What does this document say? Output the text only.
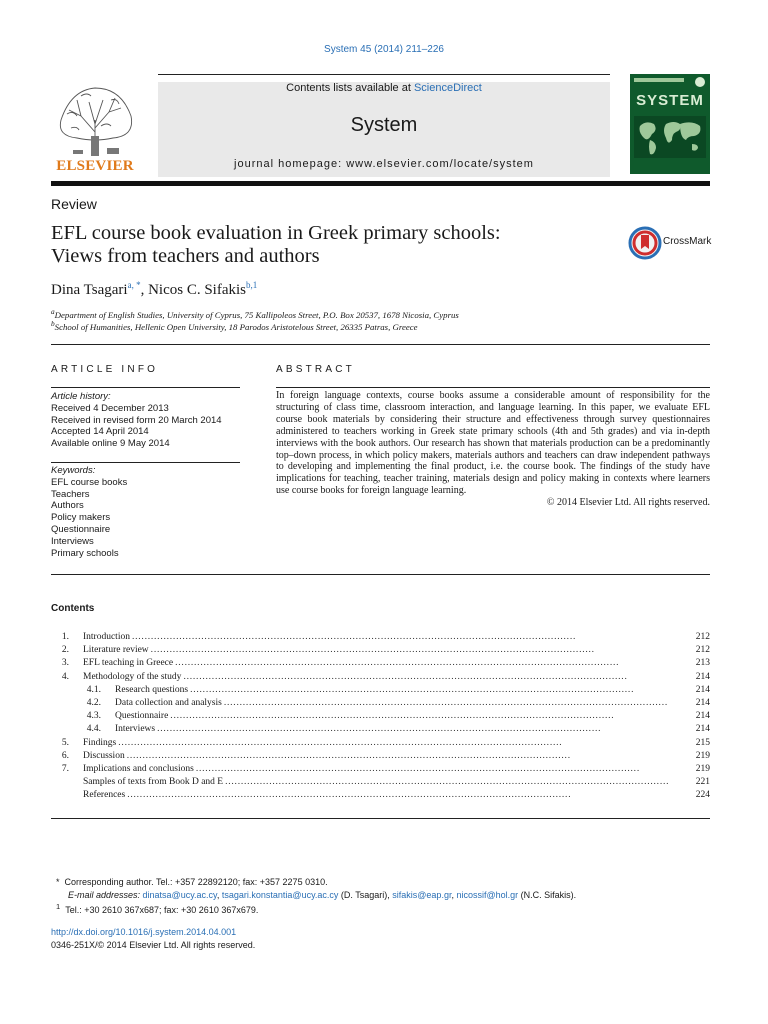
System 45 (2014) 211–226
ELSEVIER
Contents lists available at ScienceDirect
System
journal homepage: www.elsevier.com/locate/system
SYSTEM
Review
EFL course book evaluation in Greek primary schools:
Views from teachers and authors
CrossMark
Dina Tsagari$^{a, *}$, Nicos C. Sifakis$^{b,1}$
$^a$Department of English Studies, University of Cyprus, 75 Kallipoleos Street, P.O. Box 20537, 1678 Nicosia, Cyprus
$^b$School of Humanities, Hellenic Open University, 18 Parodos Aristotelous Street, 26335 Patras, Greece
ARTICLE INFO
Article history:
Received 4 December 2013
Received in revised form 20 March 2014
Accepted 14 April 2014
Available online 9 May 2014
Keywords:
EFL course books
Teachers
Authors
Policy makers
Questionnaire
Interviews
Primary schools
ABSTRACT
In foreign language contexts, course books assume a considerable amount of responsibility for the structuring of class time, classroom interaction, and language learning. In this paper, we evaluate EFL course book materials by considering their structure and effectiveness through survey questionnaires administered to teachers working in Greek state primary schools (4th and 5th grades) and via in-depth interviews with the book authors. Our research has shown that materials production can be a predominantly top–down process, in which policy makers, materials authors and teachers can draw independent pathways to developing and implementing the final product, i.e. the course book. The findings of the study have implications for teaching, teacher training, materials design and policy making in contexts where learners use course books for foreign language learning.
© 2014 Elsevier Ltd. All rights reserved.
Contents
1. Introduction . . .	212
2. Literature review . . .	212
3. EFL teaching in Greece . . .	213
4. Methodology of the study . . .	214
4.1. Research questions . . .	214
4.2. Data collection and analysis . . .	214
4.3. Questionnaire . . .	214
4.4. Interviews . . .	214
5. Findings . . .	215
6. Discussion . . .	219
7. Implications and conclusions . . .	219
Samples of texts from Book D and E . . .	221
References . . .	224
* Corresponding author. Tel.: +357 22892120; fax: +357 2275 0310.
E-mail addresses: dinatsa@ucy.ac.cy, tsagari.konstantia@ucy.ac.cy (D. Tsagari), sifakis@eap.gr, nicossif@hol.gr (N.C. Sifakis).
$^1$ Tel.: +30 2610 367x687; fax: +30 2610 367x679.
http://dx.doi.org/10.1016/j.system.2014.04.001
0346-251X/© 2014 Elsevier Ltd. All rights reserved.
